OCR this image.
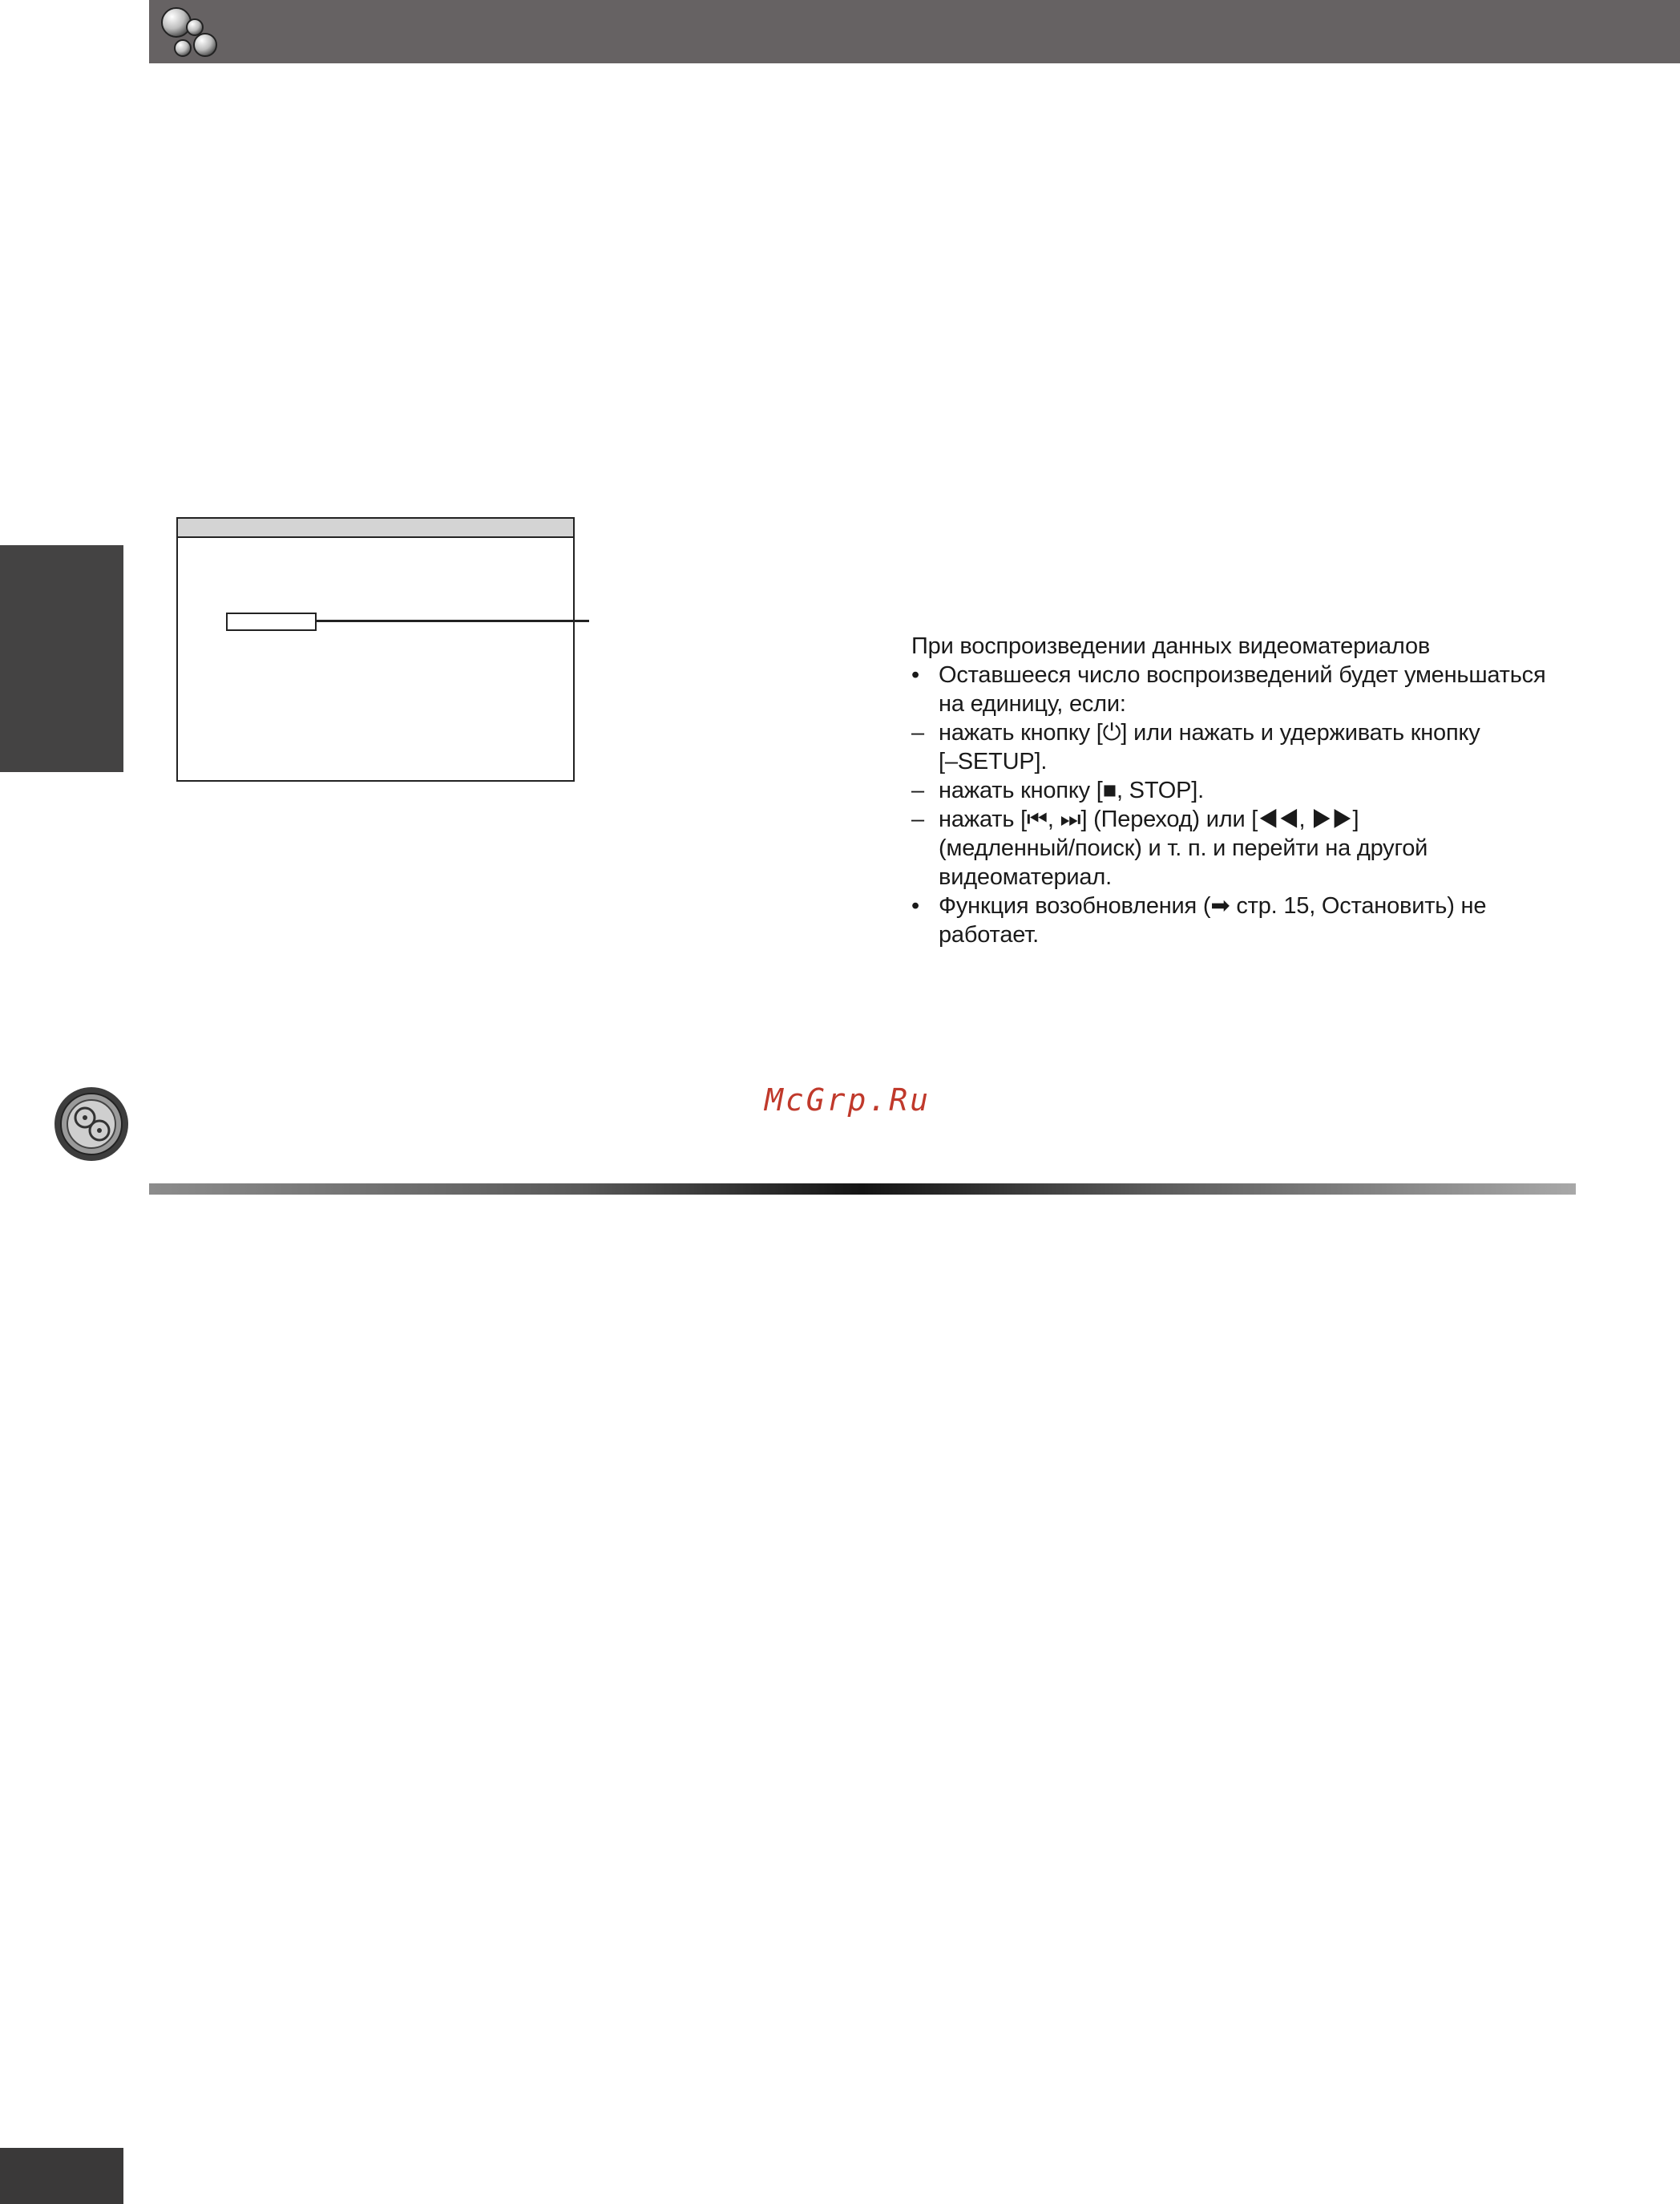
При воспроизведении данных видеоматериалов
• Оставшееся число воспроизведений будет уменьшаться
на единицу, если:
– нажать кнопку [⏻] или нажать и удерживать кнопку
[–SETUP].
– нажать кнопку [■, STOP].
– нажать [⏮, ⏭] (Переход) или [◀◀, ▶▶]
(медленный/поиск) и т. п. и перейти на другой
видеоматериал.
• Функция возобновления (➡ стр. 15, Остановить) не
работает.
McGrp.Ru
